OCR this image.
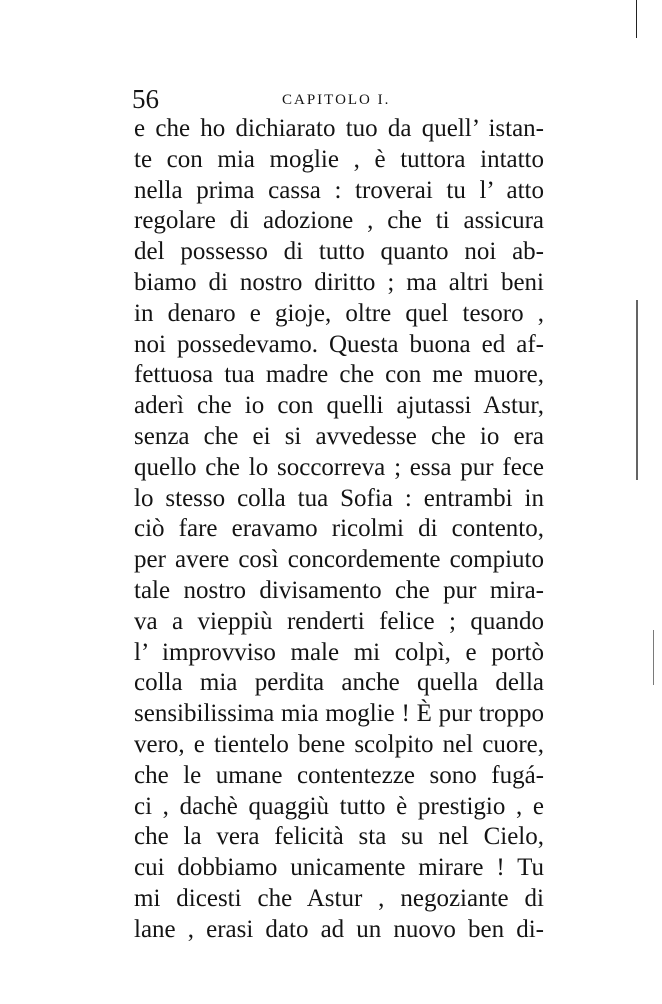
56	CAPITOLO I.
e che ho dichiarato tuo da quell’ istan-
te con mia moglie , è tuttora intatto
nella prima cassa : troverai tu l’ atto
regolare di adozione , che ti assicura
del possesso di tutto quanto noi ab-
biamo di nostro diritto ; ma altri beni
in denaro e gioje, oltre quel tesoro ,
noi possedevamo. Questa buona ed af-
fettuosa tua madre che con me muore,
aderì che io con quelli ajutassi Astur,
senza che ei si avvedesse che io era
quello che lo soccorreva ; essa pur fece
lo stesso colla tua Sofia : entrambi in
ciò fare eravamo ricolmi di contento,
per avere così concordemente compiuto
tale nostro divisamento che pur mira-
va a vieppiù renderti felice ; quando
l’ improvviso male mi colpì, e portò
colla mia perdita anche quella della
sensibilissima mia moglie ! È pur troppo
vero, e tientelo bene scolpito nel cuore,
che le umane contentezze sono fugá-
ci , dachè quaggiù tutto è prestigio , e
che la vera felicità sta su nel Cielo,
cui dobbiamo unicamente mirare ! Tu
mi dicesti che Astur , negoziante di
lane , erasi dato ad un nuovo ben di-
